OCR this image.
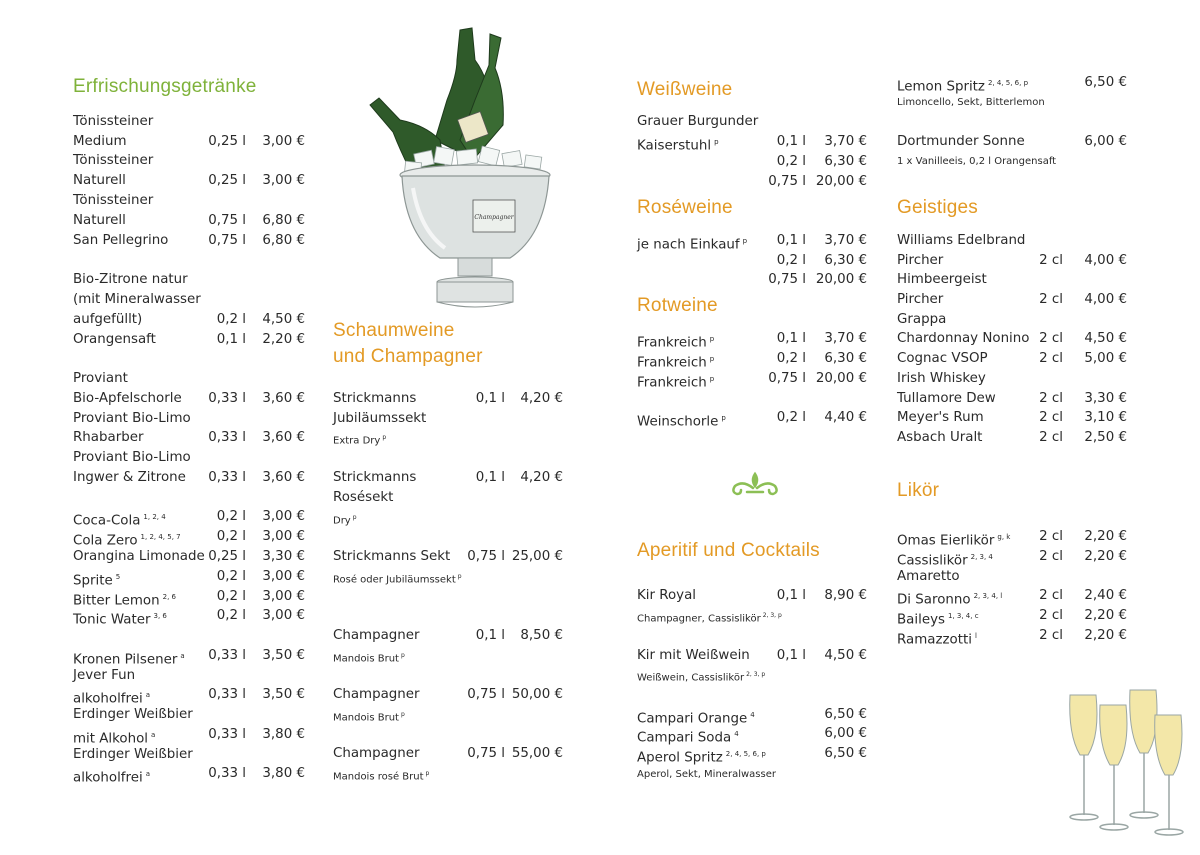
Erfrischungsgetränke
Tönissteiner
Medium	0,25 l	3,00 €
Tönissteiner
Naturell	0,25 l	3,00 €
Tönissteiner
Naturell	0,75 l	6,80 €
San Pellegrino	0,75 l	6,80 €
Bio-Zitrone natur
(mit Mineralwasser
aufgefüllt)	0,2 l	4,50 €
Orangensaft	0,1 l	2,20 €
Proviant
Bio-Apfelschorle	0,33 l	3,60 €
Proviant Bio-Limo
Rhabarber	0,33 l	3,60 €
Proviant Bio-Limo
Ingwer & Zitrone	0,33 l	3,60 €
Coca-Cola $^{1, 2, 4}$	0,2 l	3,00 €
Cola Zero $^{1, 2, 4, 5, 7}$	0,2 l	3,00 €
Orangina Limonade 0,25 l	3,30 €
Sprite $^5$	0,2 l	3,00 €
Bitter Lemon $^{2, 6}$	0,2 l	3,00 €
Tonic Water $^{3, 6}$	0,2 l	3,00 €
Kronen Pilsener $^a$	0,33 l	3,50 €
Jever Fun
alkoholfrei $^a$	0,33 l	3,50 €
Erdinger Weißbier
mit Alkohol $^a$	0,33 l	3,80 €
Erdinger Weißbier
alkoholfrei $^a$	0,33 l	3,80 €
Champagner
Schaumweine
und Champagner
Strickmanns	0,1 l	4,20 €
Jubiläumssekt
Strickmanns	0,1 l	4,20 €
Rosésekt
Strickmanns Sekt	0,75 l 25,00 €
Champagner	0,1 l	8,50 €
Champagner	0,75 l 50,00 €
Champagner	0,75 l 55,00 €
Extra Dry $^p$
Dry $^p$
Rosé oder Jubiläumssekt $^p$
Mandois Brut $^p$
Mandois Brut $^p$
Mandois rosé Brut $^p$
Weißweine
Roséweine
Rotweine
Aperitif und Cocktails
Grauer Burgunder
Kaiserstuhl $^p$	0,1 l	3,70 €
0,2 l	6,30 €
0,75 l 20,00 €
je nach Einkauf $^p$	0,1 l	3,70 €
0,2 l	6,30 €
0,75 l 20,00 €
Frankreich $^p$	0,1 l	3,70 €
Frankreich $^p$	0,2 l	6,30 €
Frankreich $^p$	0,75 l 20,00 €
Weinschorle $^p$	0,2 l	4,40 €
Kir Royal	0,1 l	8,90 €
Kir mit Weißwein	0,1 l	4,50 €
Campari Orange $^4$	6,50 €
Campari Soda $^4$	6,00 €
Aperol Spritz $^{2, 4, 5, 6, p}$	6,50 €
Champagner, Cassislikör $^{2, 3, p}$
Weißwein, Cassislikör $^{2, 3, p}$
Aperol, Sekt, Mineralwasser
Geistiges
Likör
Lemon Spritz $^{2, 4, 5, 6, p}$	6,50 €
Dortmunder Sonne	6,00 €
Limoncello, Sekt, Bitterlemon
1 x Vanilleeis, 0,2 l Orangensaft
Williams Edelbrand
Pircher	2 cl	4,00 €
Himbeergeist
Pircher	2 cl	4,00 €
Grappa
Chardonnay Nonino 2 cl	4,50 €
Cognac VSOP	2 cl	5,00 €
Irish Whiskey
Tullamore Dew	2 cl	3,30 €
Meyer's Rum	2 cl	3,10 €
Asbach Uralt	2 cl	2,50 €
Omas Eierlikör $^{g, k}$	2 cl	2,20 €
Cassislikör $^{2, 3, 4}$	2 cl	2,20 €
Amaretto
Di Saronno $^{2, 3, 4, l}$	2 cl	2,40 €
Baileys $^{1, 3, 4, c}$	2 cl	2,20 €
Ramazzotti $^l$	2 cl	2,20 €
